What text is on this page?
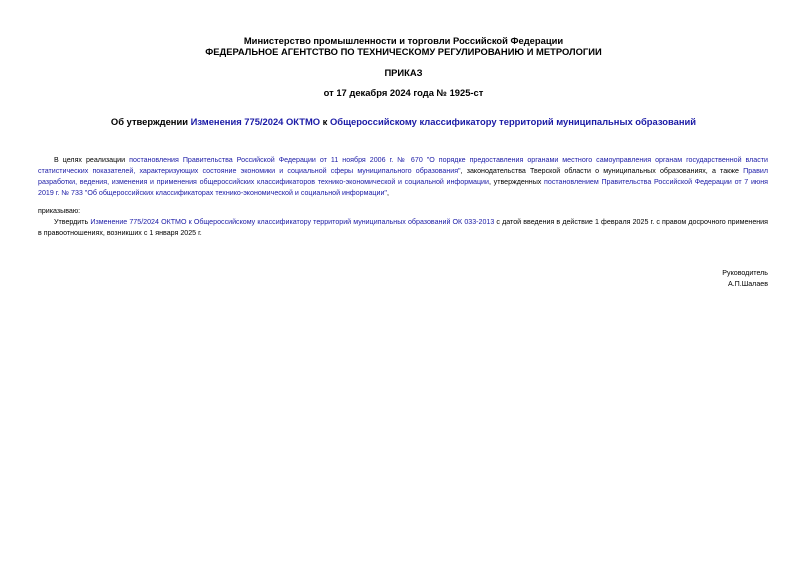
Министерство промышленности и торговли Российской Федерации
ФЕДЕРАЛЬНОЕ АГЕНТСТВО ПО ТЕХНИЧЕСКОМУ РЕГУЛИРОВАНИЮ И МЕТРОЛОГИИ
ПРИКАЗ
от 17 декабря 2024 года № 1925-ст
Об утверждении Изменения 775/2024 ОКТМО к Общероссийскому классификатору территорий муниципальных образований
В целях реализации постановления Правительства Российской Федерации от 11 ноября 2006 г. № 670 "О порядке предоставления органами местного самоуправления органам государственной власти статистических показателей, характеризующих состояние экономики и социальной сферы муниципального образования", законодательства Тверской области о муниципальных образованиях, а также Правил разработки, ведения, изменения и применения общероссийских классификаторов технико-экономической и социальной информации, утвержденных постановлением Правительства Российской Федерации от 7 июня 2019 г. № 733 "Об общероссийских классификаторах технико-экономической и социальной информации",
приказываю:
Утвердить Изменение 775/2024 ОКТМО к Общероссийскому классификатору территорий муниципальных образований ОК 033-2013 с датой введения в действие 1 февраля 2025 г. с правом досрочного применения в правоотношениях, возникших с 1 января 2025 г.
Руководитель
А.П.Шалаев
